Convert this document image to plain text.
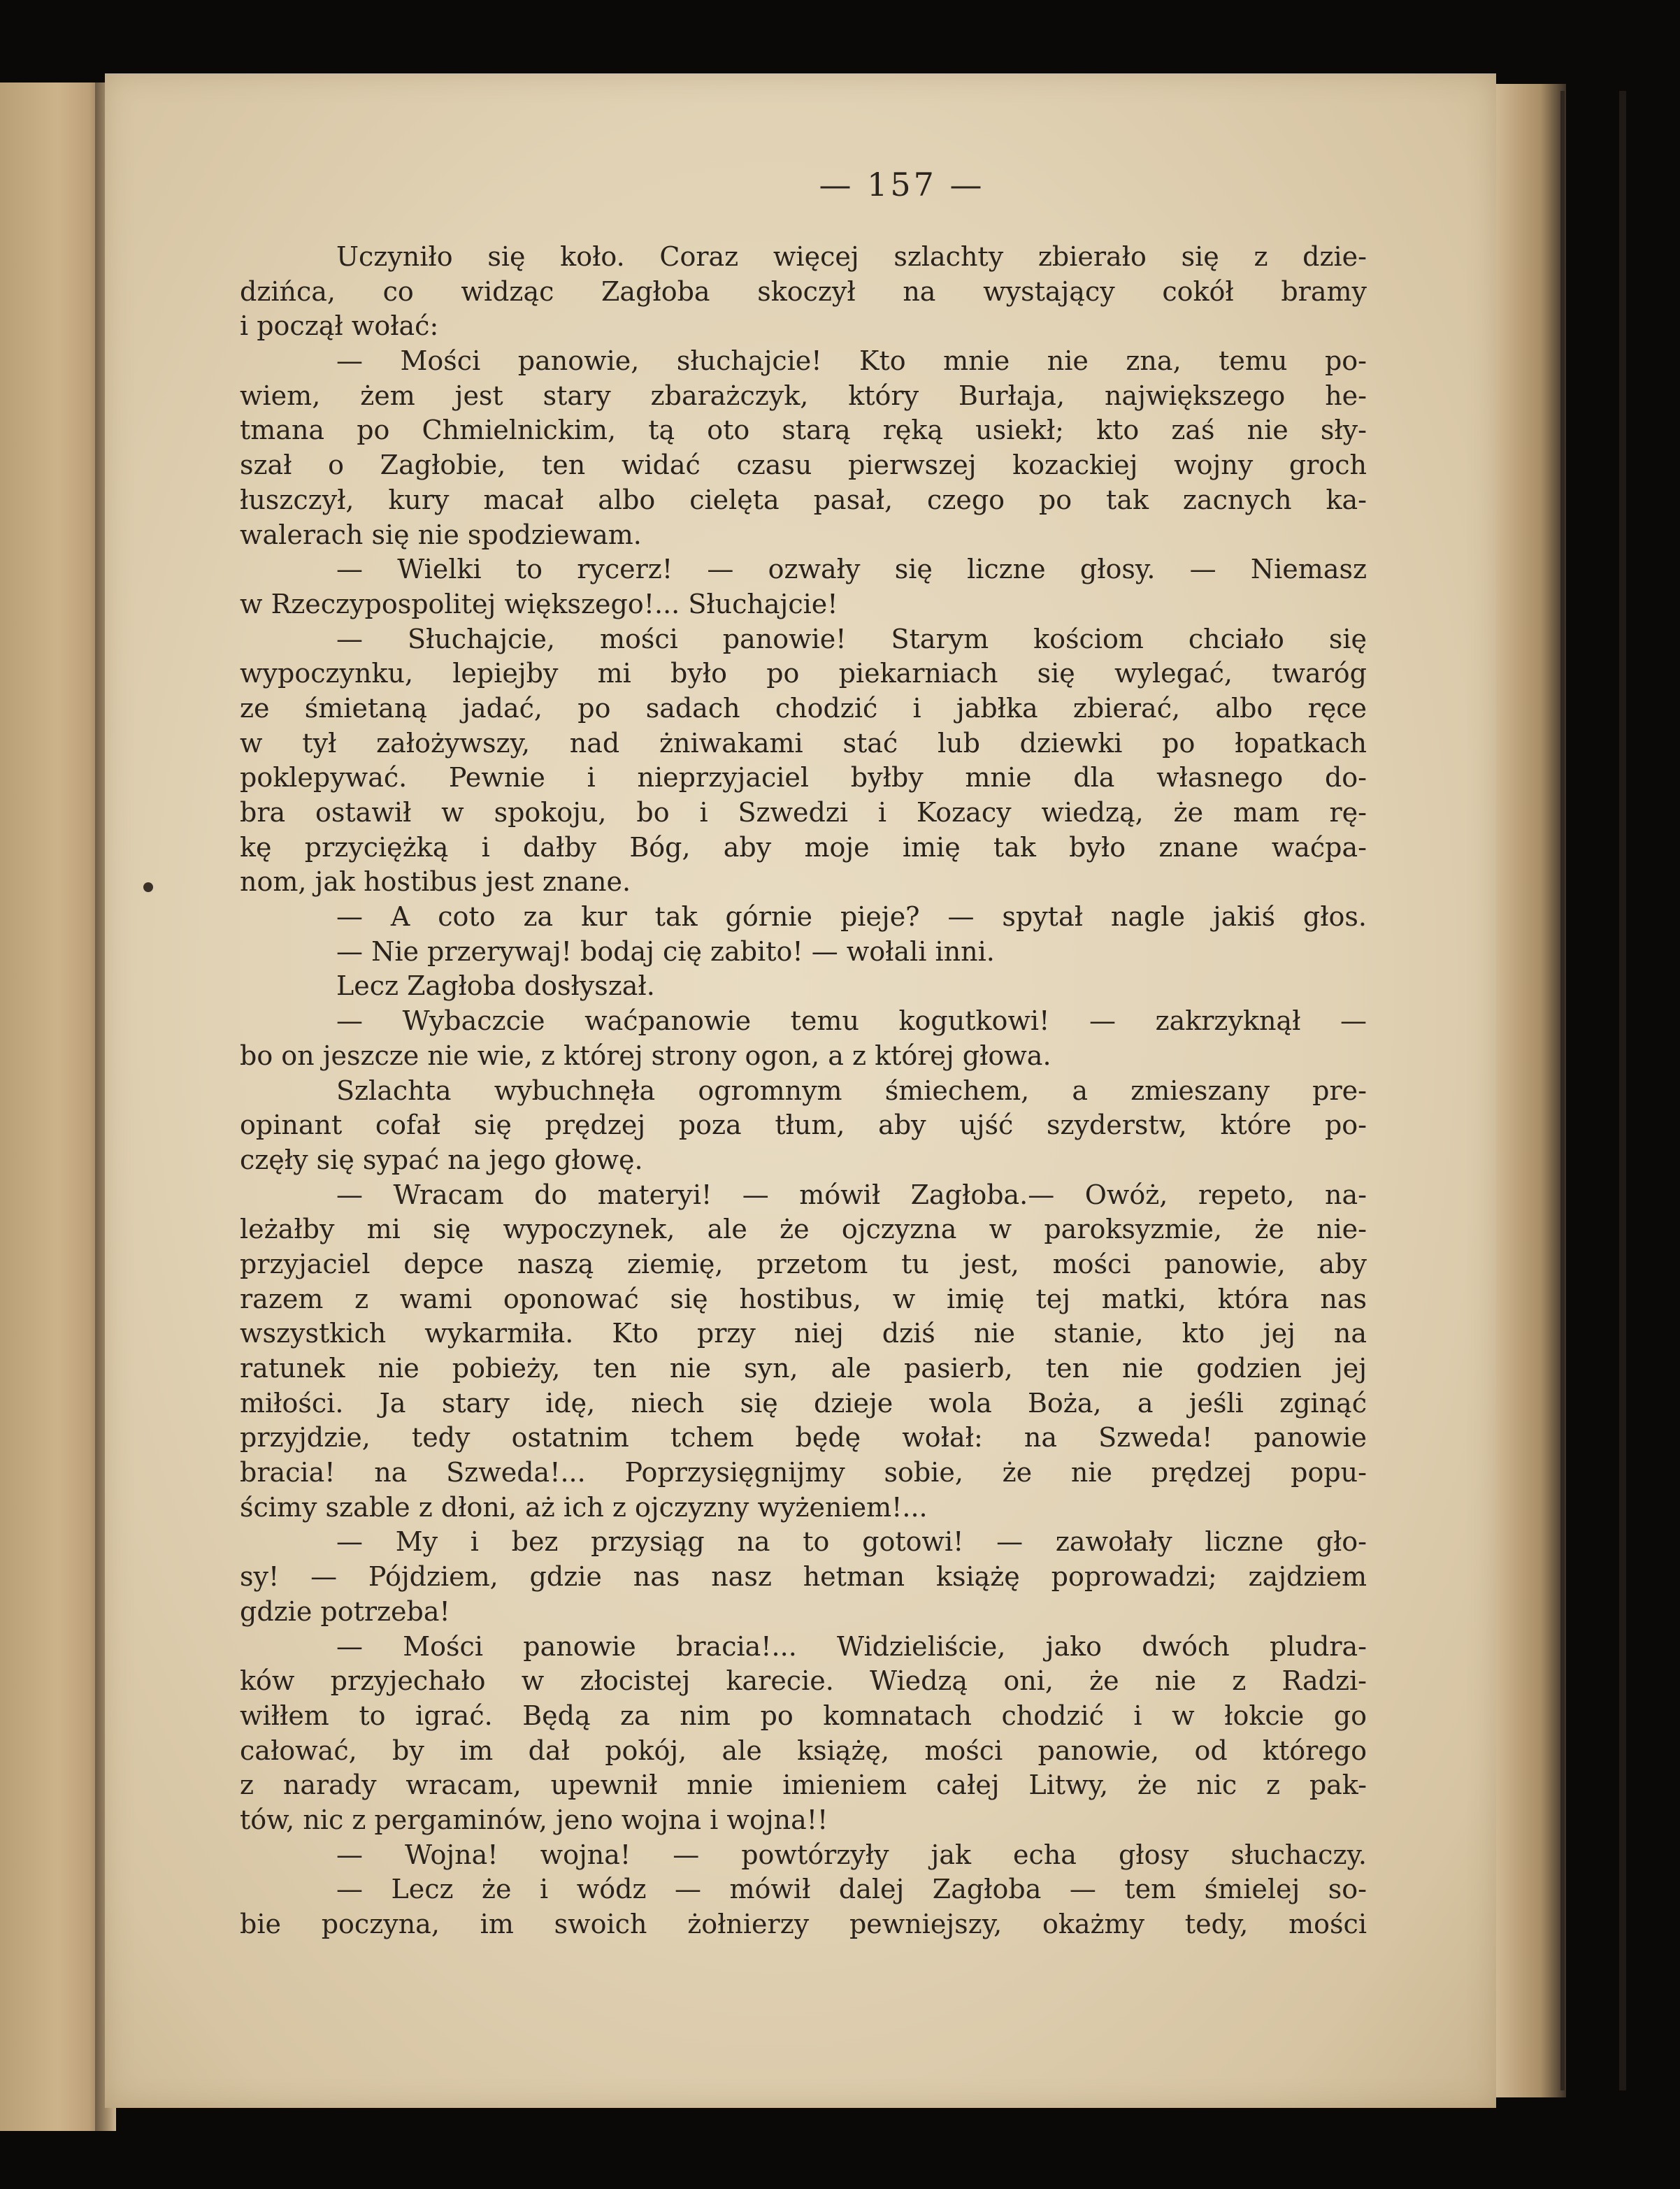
— 157 —
Uczyniło się koło. Coraz więcej szlachty zbierało się z dzie-
dzińca, co widząc Zagłoba skoczył na wystający cokół bramy
i począł wołać:
— Mości panowie, słuchajcie! Kto mnie nie zna, temu po-
wiem, żem jest stary zbarażczyk, który Burłaja, największego he-
tmana po Chmielnickim, tą oto starą ręką usiekł; kto zaś nie sły-
szał o Zagłobie, ten widać czasu pierwszej kozackiej wojny groch
łuszczył, kury macał albo cielęta pasał, czego po tak zacnych ka-
walerach się nie spodziewam.
— Wielki to rycerz! — ozwały się liczne głosy. — Niemasz
w Rzeczypospolitej większego!... Słuchajcie!
— Słuchajcie, mości panowie! Starym kościom chciało się
wypoczynku, lepiejby mi było po piekarniach się wylegać, twaróg
ze śmietaną jadać, po sadach chodzić i jabłka zbierać, albo ręce
w tył założywszy, nad żniwakami stać lub dziewki po łopatkach
poklepywać. Pewnie i nieprzyjaciel byłby mnie dla własnego do-
bra ostawił w spokoju, bo i Szwedzi i Kozacy wiedzą, że mam rę-
kę przyciężką i dałby Bóg, aby moje imię tak było znane waćpa-
nom, jak hostibus jest znane.
— A coto za kur tak górnie pieje? — spytał nagle jakiś głos.
— Nie przerywaj! bodaj cię zabito! — wołali inni.
Lecz Zagłoba dosłyszał.
— Wybaczcie waćpanowie temu kogutkowi! — zakrzyknął —
bo on jeszcze nie wie, z której strony ogon, a z której głowa.
Szlachta wybuchnęła ogromnym śmiechem, a zmieszany pre-
opinant cofał się prędzej poza tłum, aby ujść szyderstw, które po-
częły się sypać na jego głowę.
— Wracam do materyi! — mówił Zagłoba.— Owóż, repeto, na-
leżałby mi się wypoczynek, ale że ojczyzna w paroksyzmie, że nie-
przyjaciel depce naszą ziemię, przetom tu jest, mości panowie, aby
razem z wami oponować się hostibus, w imię tej matki, która nas
wszystkich wykarmiła. Kto przy niej dziś nie stanie, kto jej na
ratunek nie pobieży, ten nie syn, ale pasierb, ten nie godzien jej
miłości. Ja stary idę, niech się dzieje wola Boża, a jeśli zginąć
przyjdzie, tedy ostatnim tchem będę wołał: na Szweda! panowie
bracia! na Szweda!... Poprzysięgnijmy sobie, że nie prędzej popu-
ścimy szable z dłoni, aż ich z ojczyzny wyżeniem!...
— My i bez przysiąg na to gotowi! — zawołały liczne gło-
sy! — Pójdziem, gdzie nas nasz hetman książę poprowadzi; zajdziem
gdzie potrzeba!
— Mości panowie bracia!... Widzieliście, jako dwóch pludra-
ków przyjechało w złocistej karecie. Wiedzą oni, że nie z Radzi-
wiłłem to igrać. Będą za nim po komnatach chodzić i w łokcie go
całować, by im dał pokój, ale książę, mości panowie, od którego
z narady wracam, upewnił mnie imieniem całej Litwy, że nic z pak-
tów, nic z pergaminów, jeno wojna i wojna!!
— Wojna! wojna! — powtórzyły jak echa głosy słuchaczy.
— Lecz że i wódz — mówił dalej Zagłoba — tem śmielej so-
bie poczyna, im swoich żołnierzy pewniejszy, okażmy tedy, mości
